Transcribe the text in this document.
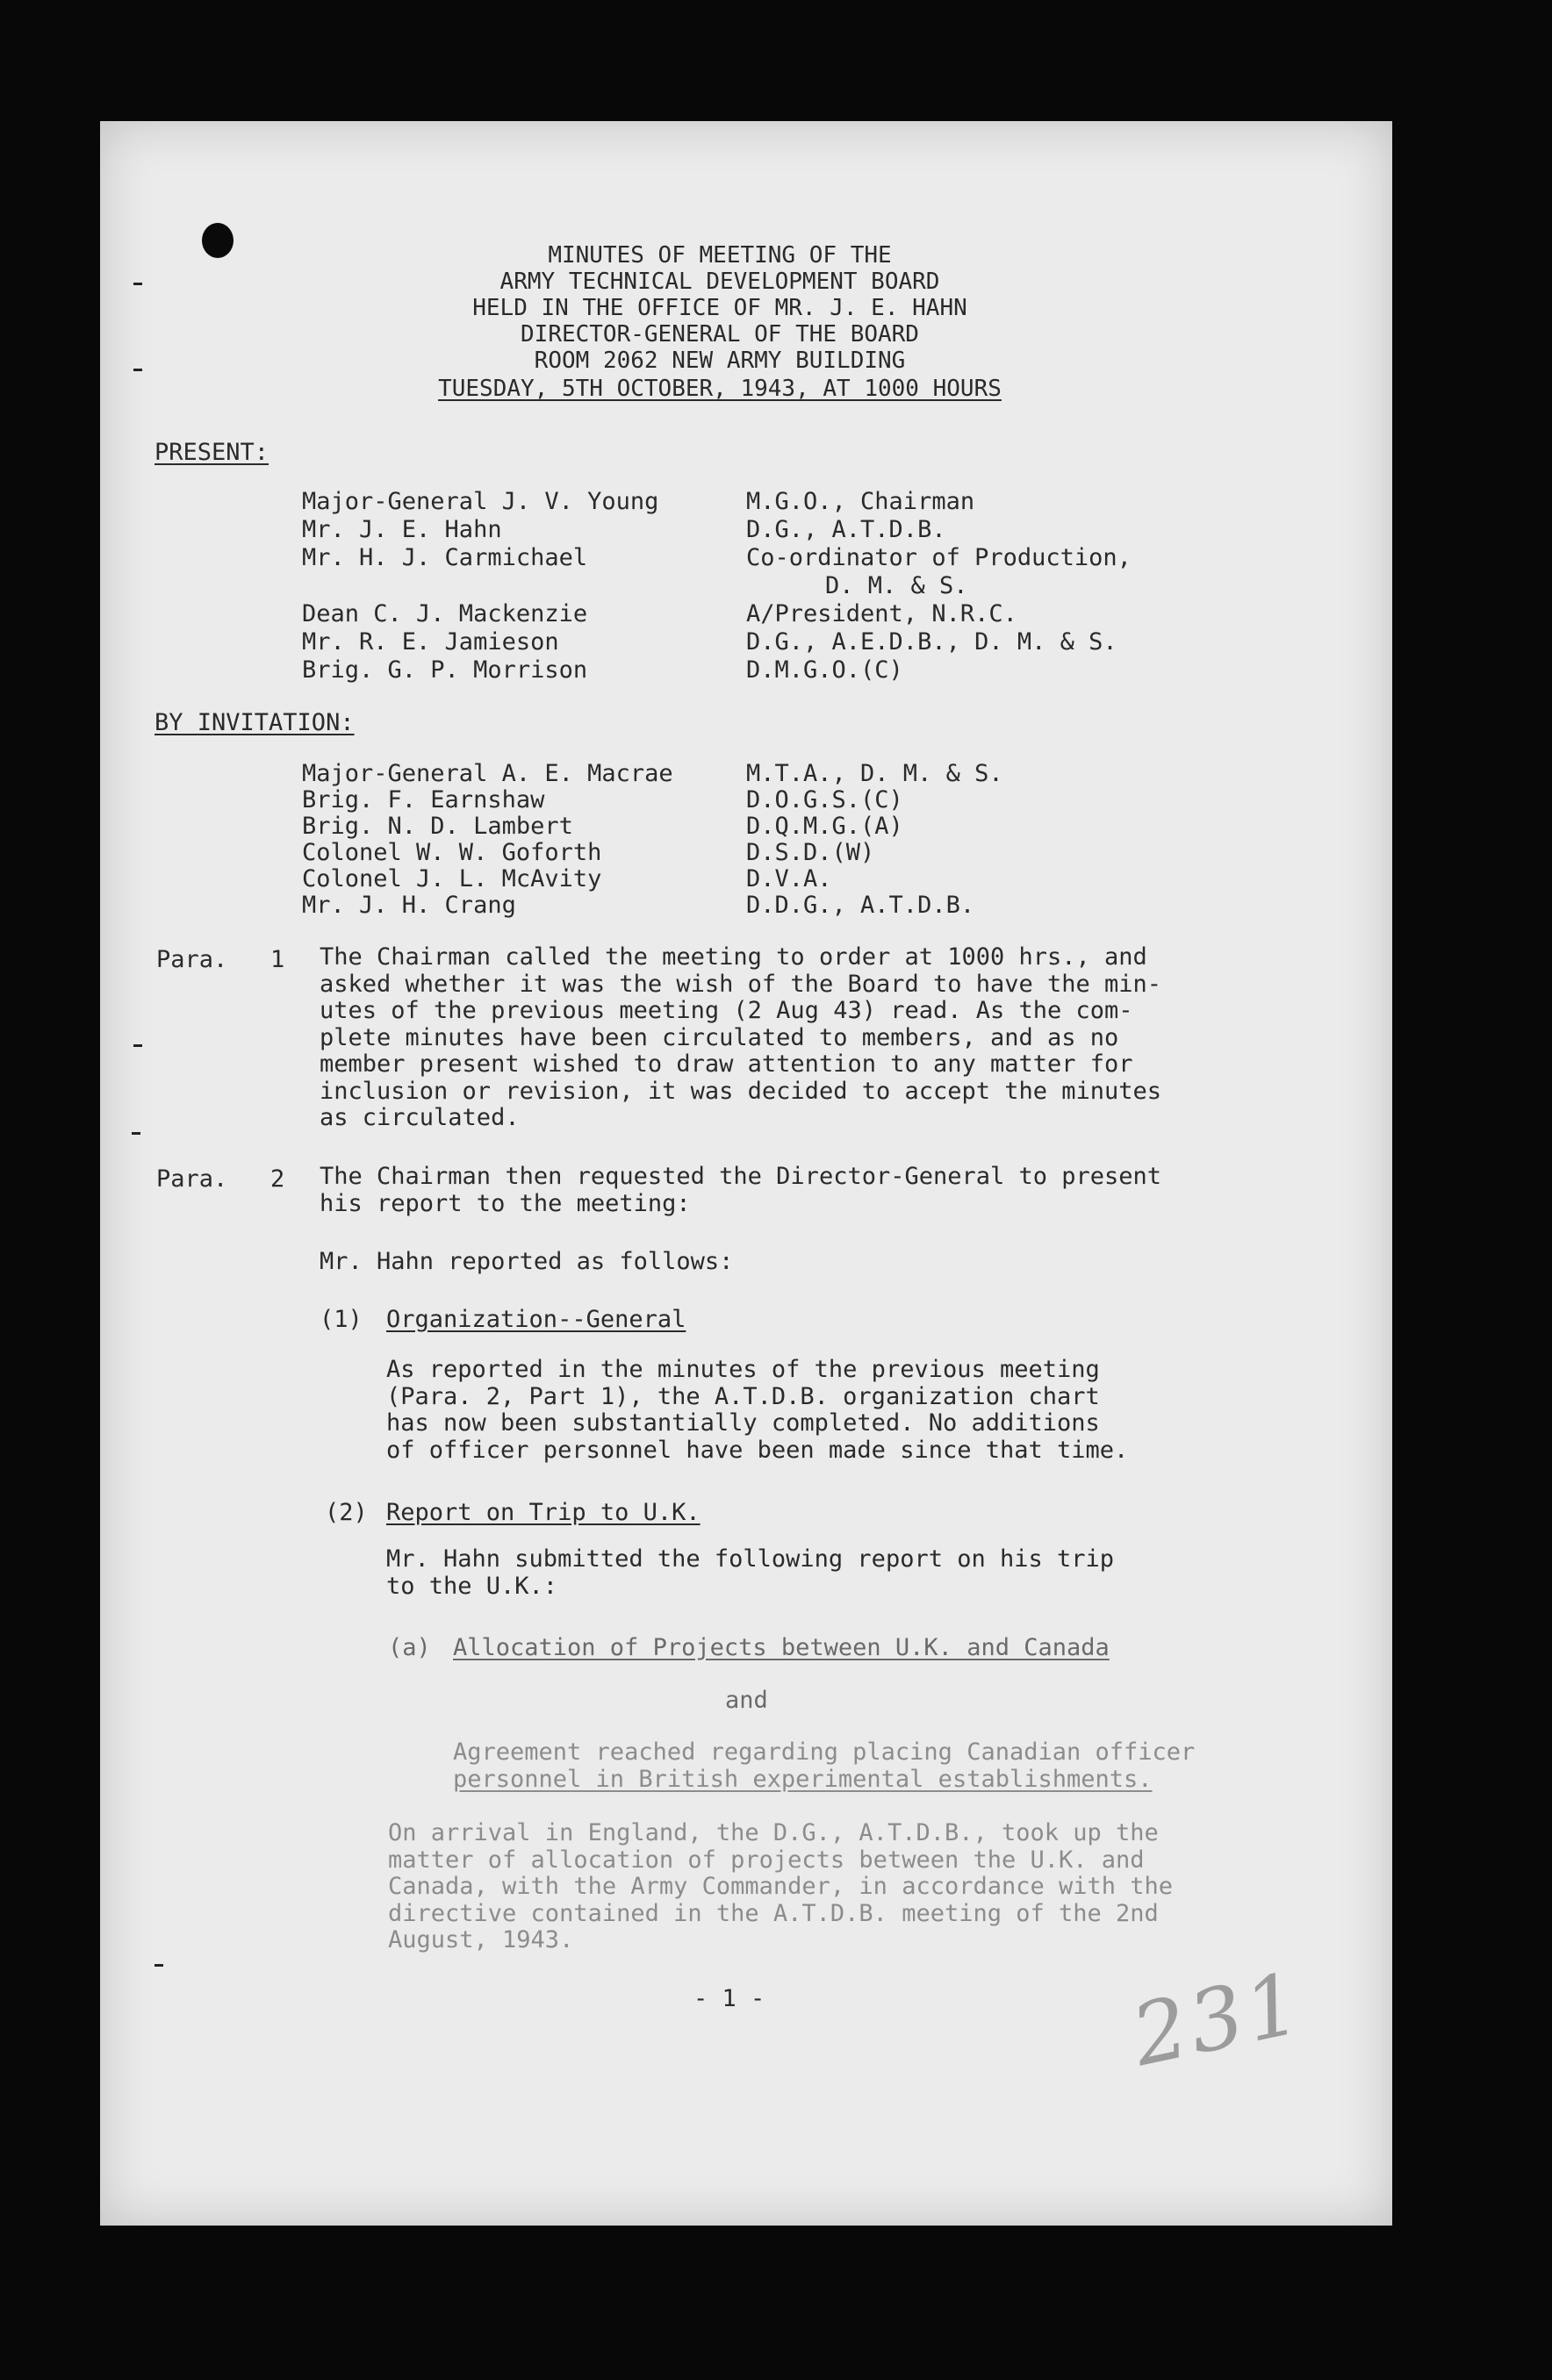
MINUTES OF MEETING OF THE
ARMY TECHNICAL DEVELOPMENT BOARD
HELD IN THE OFFICE OF MR. J. E. HAHN
DIRECTOR-GENERAL OF THE BOARD
ROOM 2062 NEW ARMY BUILDING
TUESDAY, 5TH OCTOBER, 1943, AT 1000 HOURS
PRESENT:
Major-General J. V. Young	M.G.O., Chairman
Mr. J. E. Hahn	D.G., A.T.D.B.
Mr. H. J. Carmichael	Co-ordinator of Production,
D. M. & S.
Dean C. J. Mackenzie	A/President, N.R.C.
Mr. R. E. Jamieson	D.G., A.E.D.B., D. M. & S.
Brig. G. P. Morrison	D.M.G.O.(C)
BY INVITATION:
Major-General A. E. Macrae	M.T.A., D. M. & S.
Brig. F. Earnshaw	D.O.G.S.(C)
Brig. N. D. Lambert	D.Q.M.G.(A)
Colonel W. W. Goforth	D.S.D.(W)
Colonel J. L. McAvity	D.V.A.
Mr. J. H. Crang	D.D.G., A.T.D.B.
Para. 1 The Chairman called the meeting to order at 1000 hrs., and
asked whether it was the wish of the Board to have the min-
utes of the previous meeting (2 Aug 43) read. As the com-
plete minutes have been circulated to members, and as no
member present wished to draw attention to any matter for
inclusion or revision, it was decided to accept the minutes
as circulated.
Para. 2 The Chairman then requested the Director-General to present
his report to the meeting:
Mr. Hahn reported as follows:
(1) Organization--General
As reported in the minutes of the previous meeting
(Para. 2, Part 1), the A.T.D.B. organization chart
has now been substantially completed. No additions
of officer personnel have been made since that time.
(2) Report on Trip to U.K.
Mr. Hahn submitted the following report on his trip
to the U.K.:
(a) Allocation of Projects between U.K. and Canada
and
Agreement reached regarding placing Canadian officer
personnel in British experimental establishments.
On arrival in England, the D.G., A.T.D.B., took up the
matter of allocation of projects between the U.K. and
Canada, with the Army Commander, in accordance with the
directive contained in the A.T.D.B. meeting of the 2nd
August, 1943.
- 1 -	231
